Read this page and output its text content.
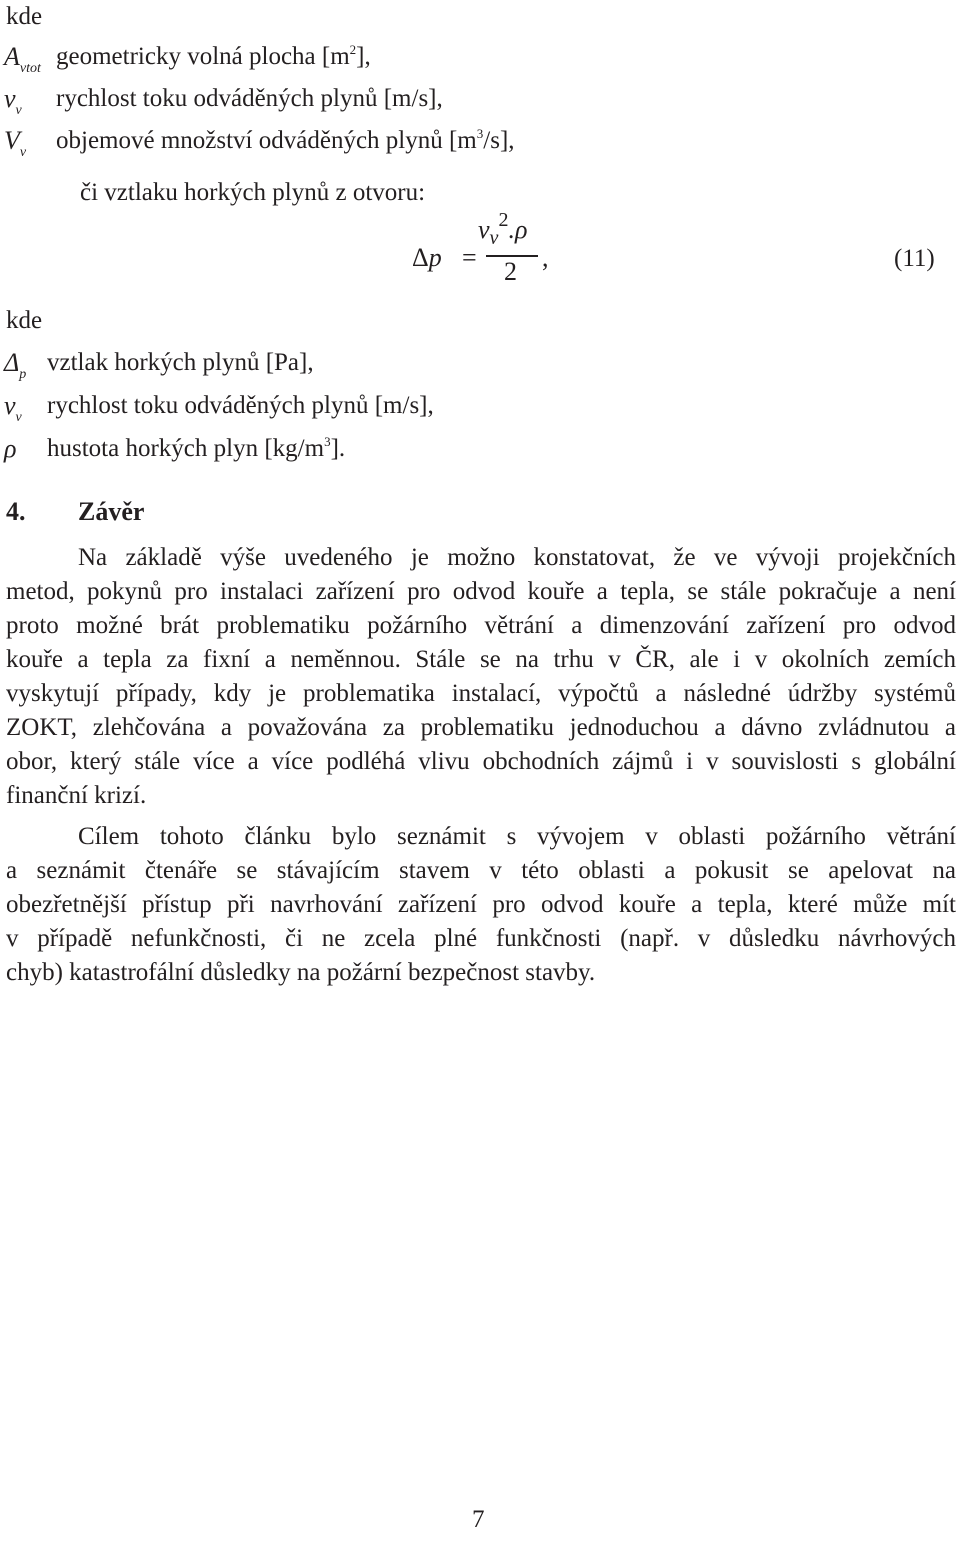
kde
Avtot geometricky volná plocha $[m^2]$,
vv rychlost toku odváděných plynů [m/s],
Vv objemové množství odváděných plynů $[m^3/s]$,
či vztlaku horkých plynů z otvoru:
Δp =
$v_v^2.\rho$
2 ,	(11)
kde
Δp vztlak horkých plynů [Pa],
vv rychlost toku odváděných plynů [m/s],
ρ hustota horkých plyn $[kg/m^3]$.
4. Závěr
Na základě výše uvedeného je možno konstatovat, že ve vývoji projekčních
metod, pokynů pro instalaci zařízení pro odvod kouře a tepla, se stále pokračuje a není
proto možné brát problematiku požárního větrání a dimenzování zařízení pro odvod
kouře a tepla za fixní a neměnnou. Stále se na trhu v ČR, ale i v okolních zemích
vyskytují případy, kdy je problematika instalací, výpočtů a následné údržby systémů
ZOKT, zlehčována a považována za problematiku jednoduchou a dávno zvládnutou a
obor, který stále více a více podléhá vlivu obchodních zájmů i v souvislosti s globální
finanční krizí.
Cílem tohoto článku bylo seznámit s vývojem v oblasti požárního větrání
a seznámit čtenáře se stávajícím stavem v této oblasti a pokusit se apelovat na
obezřetnější přístup při navrhování zařízení pro odvod kouře a tepla, které může mít
v případě nefunkčnosti, či ne zcela plné funkčnosti (např. v důsledku návrhových
chyb) katastrofální důsledky na požární bezpečnost stavby.
7
